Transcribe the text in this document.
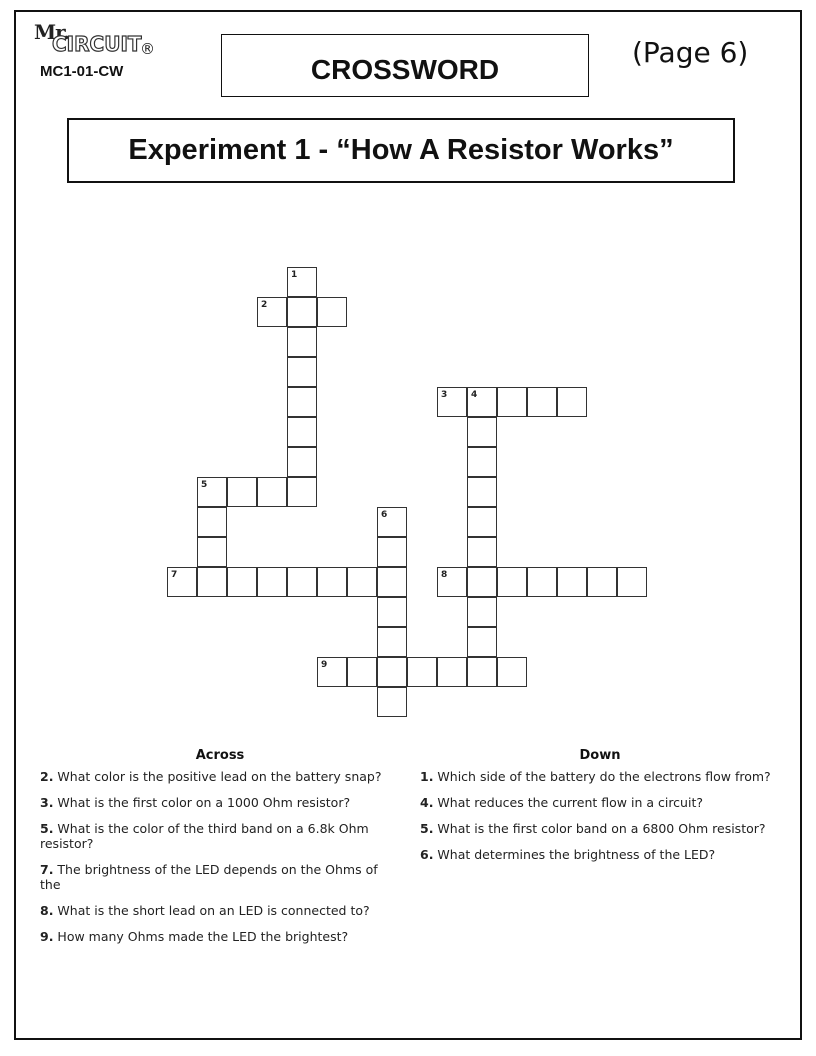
Mr.
CIRCUIT
®
MC1-01-CW	CROSSWORD	(Page 6)
Experiment 1 - “How A Resistor Works”
1
2
3	4
5
6
7	8
9
Across
2. What color is the positive lead on the battery snap?
3. What is the first color on a 1000 Ohm resistor?
5. What is the color of the third band on a 6.8k Ohm resistor?
7. The brightness of the LED depends on the Ohms of the
8. What is the short lead on an LED is connected to?
9. How many Ohms made the LED the brightest?
Down
1. Which side of the battery do the electrons flow from?
4. What reduces the current flow in a circuit?
5. What is the first color band on a 6800 Ohm resistor?
6. What determines the brightness of the LED?
